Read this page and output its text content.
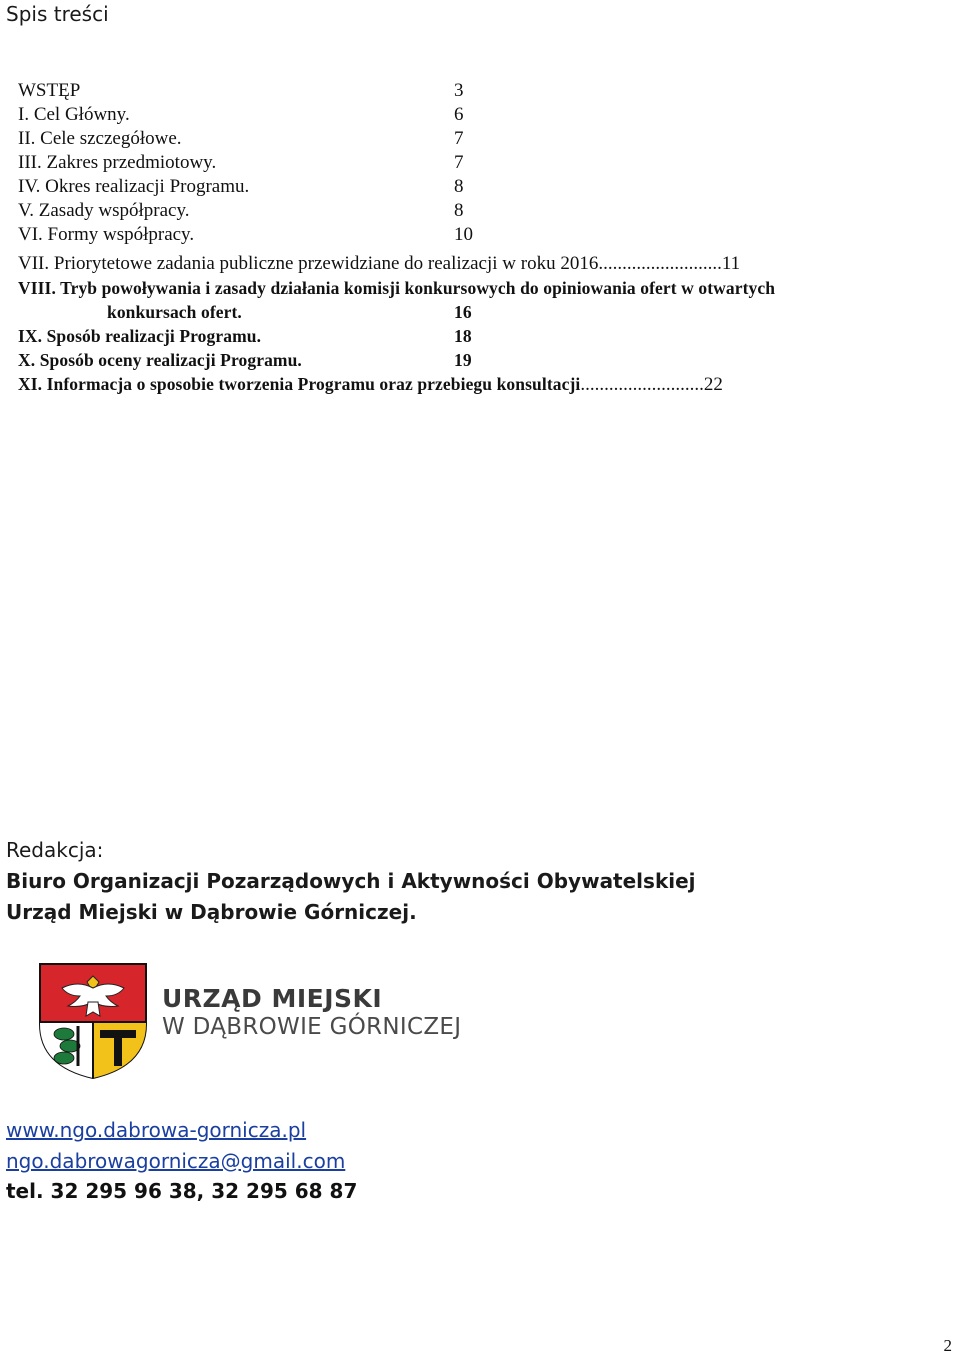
Spis treści
WSTĘP	3
I. Cel Główny.	6
II. Cele szczegółowe.	7
III. Zakres przedmiotowy.	7
IV. Okres realizacji Programu.	8
V. Zasady współpracy.	8
VI. Formy współpracy.	10
VII. Priorytetowe zadania publiczne przewidziane do realizacji w roku 2016..........................11
VIII. Tryb powoływania i zasady działania komisji konkursowych do opiniowania ofert w otwartych
konkursach ofert.	16
IX. Sposób realizacji Programu.	18
X. Sposób oceny realizacji Programu.	19
XI. Informacja o sposobie tworzenia Programu oraz przebiegu konsultacji..........................22
Redakcja:
Biuro Organizacji Pozarządowych i Aktywności Obywatelskiej
Urząd Miejski w Dąbrowie Górniczej.
URZĄD MIEJSKI
W DĄBROWIE GÓRNICZEJ
www.ngo.dabrowa-gornicza.pl
ngo.dabrowagornicza@gmail.com
tel. 32 295 96 38, 32 295 68 87
2
